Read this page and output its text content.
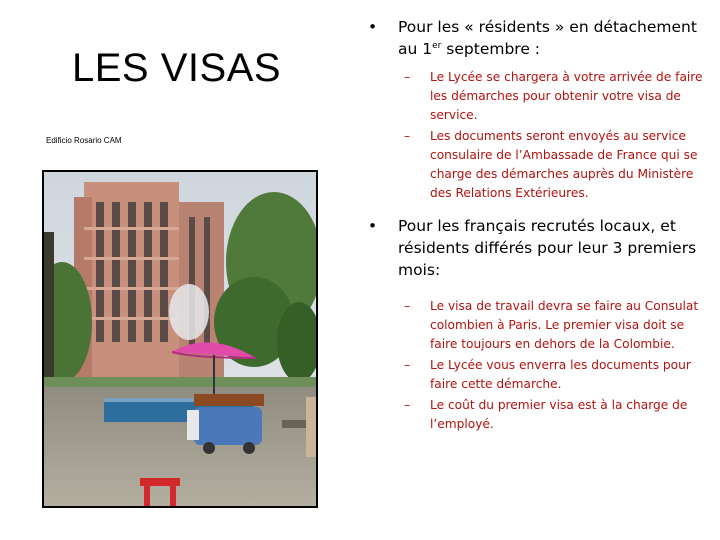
LES VISAS
Edificio Rosario CAM
• Pour les « résidents » en détachement au 1er septembre :
– Le Lycée se chargera à votre arrivée de faire les démarches pour obtenir votre visa de service.
– Les documents seront envoyés au service consulaire de l’Ambassade de France qui se charge des démarches auprès du Ministère des Relations Extérieures.
• Pour les français recrutés locaux, et résidents différés pour leur 3 premiers mois:
– Le visa de travail devra se faire au Consulat colombien à Paris. Le premier visa doit se faire toujours en dehors de la Colombie.
– Le Lycée vous enverra les documents pour faire cette démarche.
– Le coût du premier visa est à la charge de l’employé.
